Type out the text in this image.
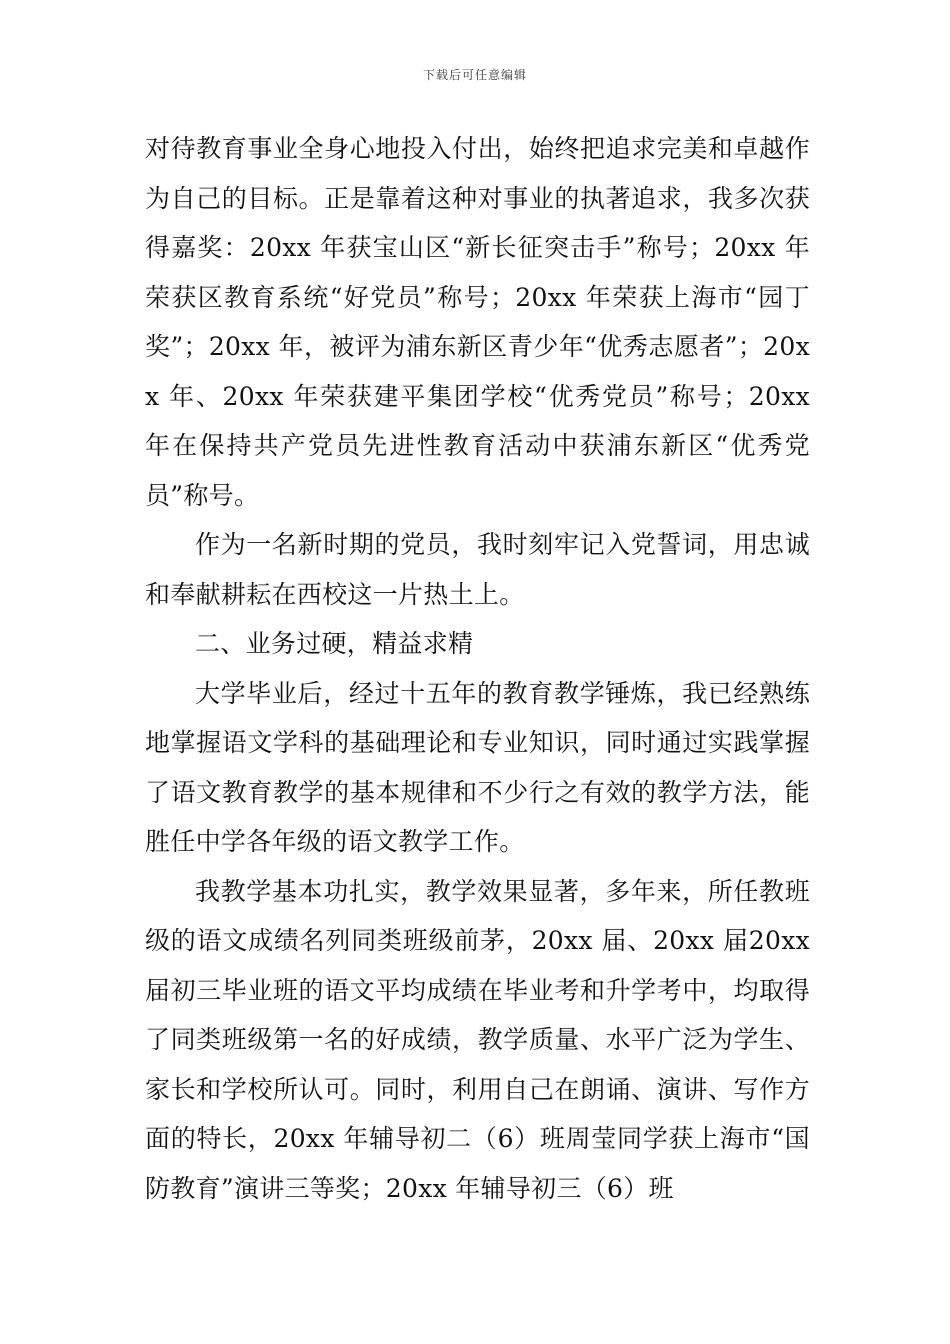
下载后可任意编辑

对待教育事业全身心地投入付出，始终把追求完美和卓越作为自己的目标。正是靠着这种对事业的执著追求，我多次获得嘉奖：20xx 年获宝山区“新长征突击手”称号；20xx 年荣获区教育系统“好党员”称号；20xx 年荣获上海市“园丁奖”；20xx 年，被评为浦东新区青少年“优秀志愿者”；20xx 年、20xx 年荣获建平集团学校“优秀党员”称号；20xx 年在保持共产党员先进性教育活动中获浦东新区“优秀党员”称号。

作为一名新时期的党员，我时刻牢记入党誓词，用忠诚和奉献耕耘在西校这一片热土上。

二、业务过硬，精益求精

大学毕业后，经过十五年的教育教学锤炼，我已经熟练地掌握语文学科的基础理论和专业知识，同时通过实践掌握了语文教育教学的基本规律和不少行之有效的教学方法，能胜任中学各年级的语文教学工作。

我教学基本功扎实，教学效果显著，多年来，所任教班级的语文成绩名列同类班级前茅，20xx 届、20xx 届20xx 届初三毕业班的语文平均成绩在毕业考和升学考中，均取得了同类班级第一名的好成绩，教学质量、水平广泛为学生、家长和学校所认可。同时，利用自己在朗诵、演讲、写作方面的特长，20xx 年辅导初二（6）班周莹同学获上海市“国防教育”演讲三等奖；20xx 年辅导初三（6）班
